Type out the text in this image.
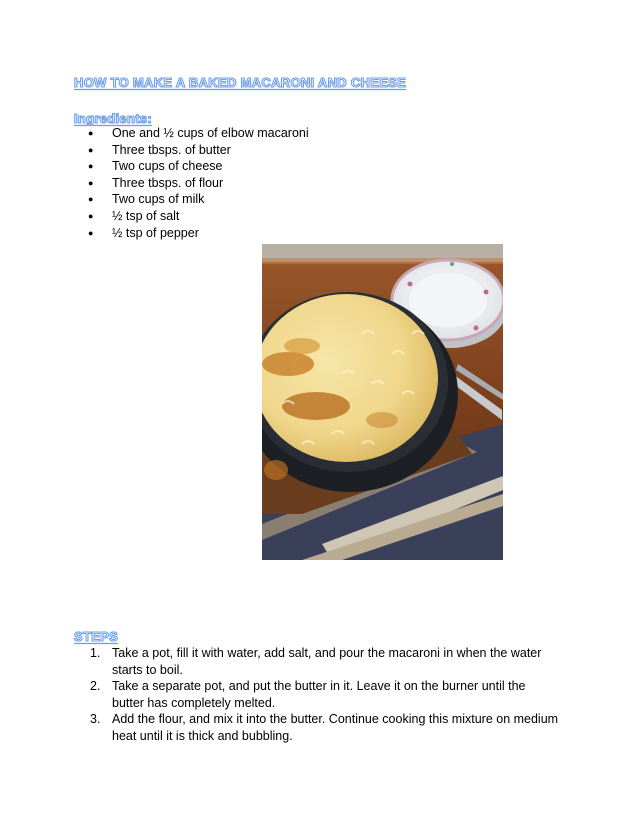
HOW TO MAKE A BAKED MACARONI AND CHEESE
Ingredients:
● One and ½ cups of elbow macaroni
● Three tbsps. of butter
● Two cups of cheese
● Three tbsps. of flour
● Two cups of milk
● ½ tsp of salt
● ½ tsp of pepper
STEPS
1. Take a pot, fill it with water, add salt, and pour the macaroni in when the water starts to boil.
2. Take a separate pot, and put the butter in it. Leave it on the burner until the butter has completely melted.
3. Add the flour, and mix it into the butter. Continue cooking this mixture on medium heat until it is thick and bubbling.
